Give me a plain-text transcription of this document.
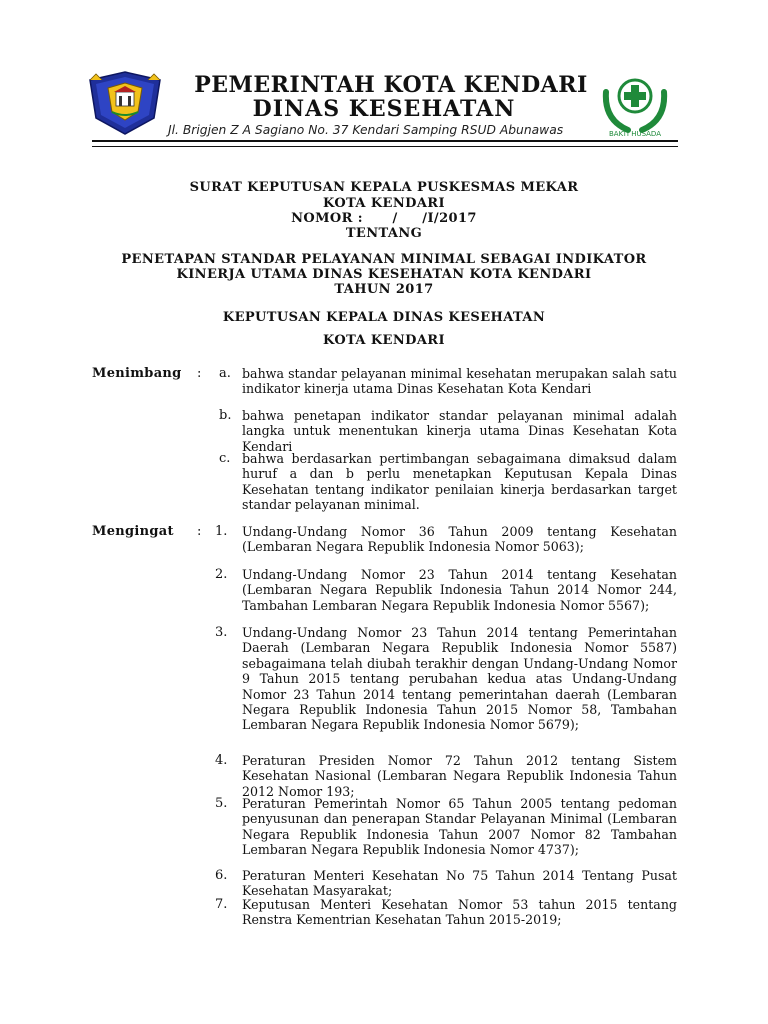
BAKTI HUSADA
PEMERINTAH KOTA KENDARI
DINAS KESEHATAN
Jl. Brigjen Z A Sagiano No. 37 Kendari Samping RSUD Abunawas
SURAT KEPUTUSAN KEPALA PUSKESMAS MEKAR
KOTA KENDARI
NOMOR :      /     /I/2017
TENTANG
PENETAPAN STANDAR PELAYANAN MINIMAL SEBAGAI INDIKATOR
KINERJA UTAMA DINAS KESEHATAN KOTA KENDARI
TAHUN 2017
KEPUTUSAN KEPALA DINAS KESEHATAN
KOTA KENDARI
Menimbang : a. bahwa standar pelayanan minimal kesehatan merupakan salah satu indikator kinerja utama Dinas Kesehatan Kota Kendari
b. bahwa penetapan indikator standar pelayanan minimal adalah langka untuk menentukan kinerja utama Dinas Kesehatan Kota Kendari
c. bahwa berdasarkan pertimbangan sebagaimana dimaksud dalam huruf a dan b perlu menetapkan Keputusan Kepala Dinas Kesehatan tentang indikator penilaian kinerja berdasarkan target standar pelayanan minimal.
Mengingat : 1. Undang-Undang Nomor 36 Tahun 2009 tentang Kesehatan (Lembaran Negara Republik Indonesia Nomor 5063);
2. Undang-Undang Nomor 23 Tahun 2014 tentang Kesehatan (Lembaran Negara Republik Indonesia Tahun 2014 Nomor 244, Tambahan Lembaran Negara Republik Indonesia Nomor 5567);
3. Undang-Undang Nomor 23 Tahun 2014 tentang Pemerintahan Daerah (Lembaran Negara Republik Indonesia Nomor 5587) sebagaimana telah diubah terakhir dengan Undang-Undang Nomor 9 Tahun 2015 tentang perubahan kedua atas Undang-Undang Nomor 23 Tahun 2014 tentang pemerintahan daerah (Lembaran Negara Republik Indonesia Tahun 2015 Nomor 58, Tambahan Lembaran Negara Republik Indonesia Nomor 5679);
4. Peraturan Presiden Nomor 72 Tahun 2012 tentang Sistem Kesehatan Nasional (Lembaran Negara Republik Indonesia Tahun 2012 Nomor 193;
5. Peraturan Pemerintah Nomor 65 Tahun 2005 tentang pedoman penyusunan dan penerapan Standar Pelayanan Minimal (Lembaran Negara Republik Indonesia Tahun 2007 Nomor 82 Tambahan Lembaran Negara Republik Indonesia Nomor 4737);
6. Peraturan Menteri Kesehatan No 75 Tahun 2014 Tentang Pusat Kesehatan Masyarakat;
7. Keputusan Menteri Kesehatan Nomor 53 tahun 2015 tentang Renstra Kementrian Kesehatan Tahun 2015-2019;
